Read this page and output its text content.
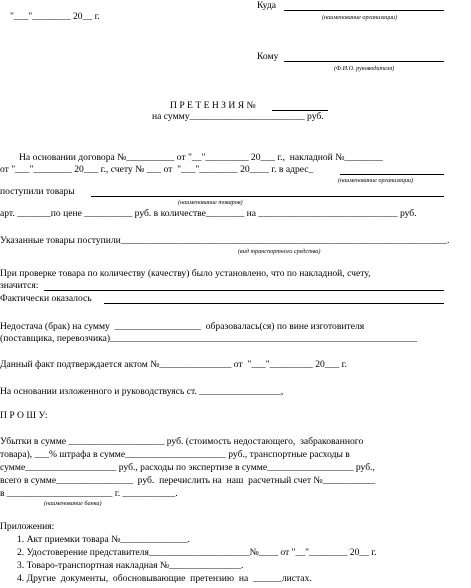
"___"________ 20__ г.
Куда
(наименование организации)
Кому
(Ф.И.О. руководителя)
П Р Е Т Е Н З И Я №
на сумму________________________ руб.
На основании договора №__________ от "__"_________ 20___ г.,  накладной №________
от "___"________ 20___ г., счету № ___ от  "___"________ 20____ г. в адрес_
(наименование организации)
поступили товары
(наименование товаров)
арт. _______по цене __________ руб. в количестве________ на _____________________________ руб.
Указанные товары поступили____________________________________________________________________.
(вид транспортного средства)
При проверке товара по количеству (качеству) было установлено, что по накладной, счету,
значится:
Фактически оказалось
Недостача (брак) на сумму  __________________  образовалась(ся) по вине изготовителя
(поставщика, перевозчика)________________________________________________________________
Данный факт подтверждается актом №_______________ от  "___"_________ 20___ г.
На основании изложенного и руководствуясь ст. _________________,
П Р О Ш У:
Убытки в сумме ____________________ руб. (стоимость недостающего,  забракованного
товара), ___% штрафа в сумме_____________________ руб., транспортные расходы в
сумме___________________ руб., расходы по экспертизе в сумме__________________ руб.,
всего в сумме________________  руб.  перечислить на  наш  расчетный счет №___________
в ______________________ г. ___________.
(наименование банка)
Приложения:
1. Акт приемки товара №______________.
2. Удостоверение представителя_____________________№____ от "__"________ 20__ г.
3. Товаро-транспортная накладная №_______________.
4. Другие  документы,  обосновывающие  претензию  на  ______листах.
